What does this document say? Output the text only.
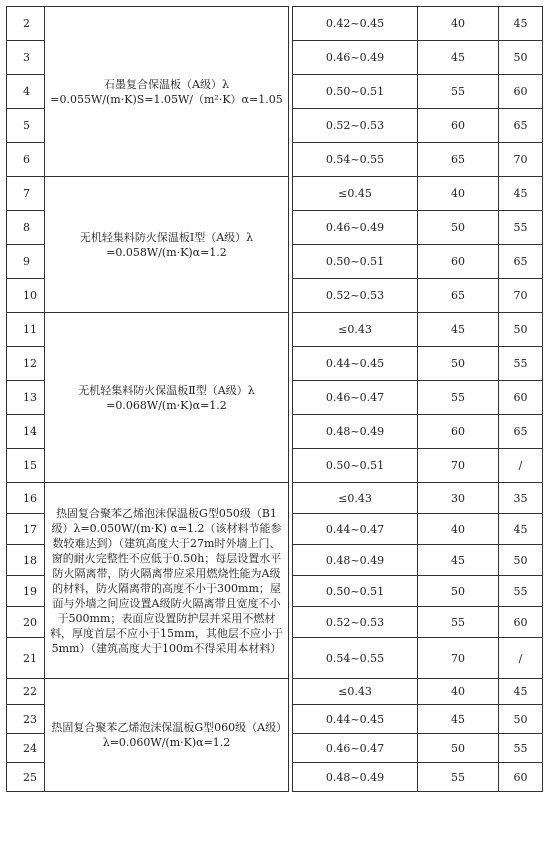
2	石墨复合保温板（A级）λ =0.055W/(m·K)S=1.05W/（m²·K）α=1.05		0.42~0.45	40	45
3			0.46~0.49	45	50
4			0.50~0.51	55	60
5			0.52~0.53	60	65
6			0.54~0.55	65	70
7	无机轻集料防火保温板Ⅰ型（A级）λ =0.058W/(m·K)α=1.2		≤0.45	40	45
8			0.46~0.49	50	55
9			0.50~0.51	60	65
10			0.52~0.53	65	70
11	无机轻集料防火保温板Ⅱ型（A级）λ =0.068W/(m·K)α=1.2		≤0.43	45	50
12			0.44~0.45	50	55
13			0.46~0.47	55	60
14			0.48~0.49	60	65
15			0.50~0.51	70	/
16	热固复合聚苯乙烯泡沫保温板G型050级（B1级）λ=0.050W/(m·K) α=1.2（该材料节能参数较难达到）（建筑高度大于27m时外墙上门、窗的耐火完整性不应低于0.50h；每层设置水平防火隔离带，防火隔离带应采用燃烧性能为A级的材料，防火隔离带的高度不小于300mm；屋面与外墙之间应设置A级防火隔离带且宽度不小于500mm；表面应设置防护层并采用不燃材料，厚度首层不应小于15mm，其他层不应小于5mm）（建筑高度大于100m不得采用本材料）		≤0.43	30	35
17			0.44~0.47	40	45
18			0.48~0.49	45	50
19			0.50~0.51	50	55
20			0.52~0.53	55	60
21			0.54~0.55	70	/
22	热固复合聚苯乙烯泡沫保温板G型060级（A级）λ=0.060W/(m·K)α=1.2		≤0.43	40	45
23			0.44~0.45	45	50
24			0.46~0.47	50	55
25			0.48~0.49	55	60
